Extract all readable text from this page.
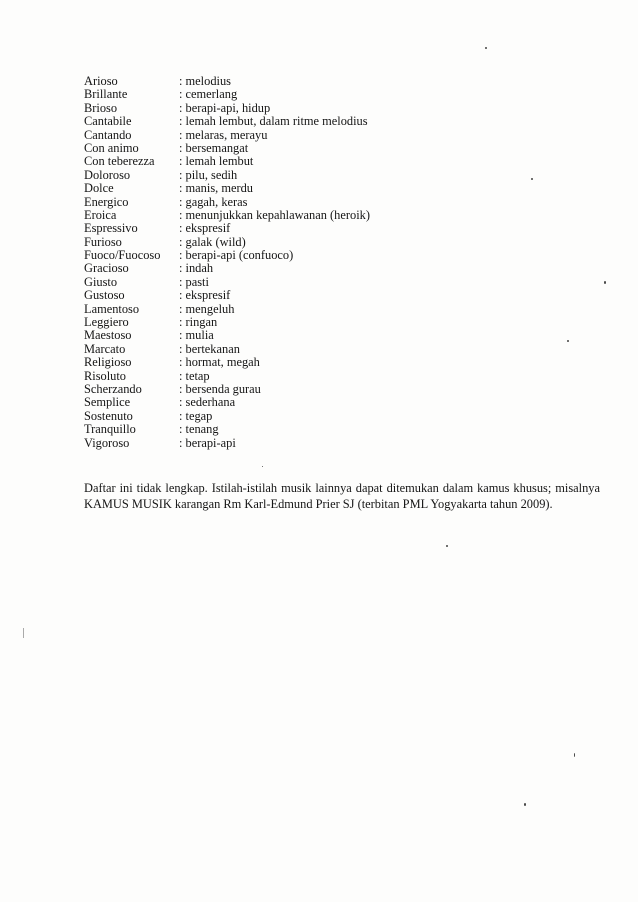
Arioso	: melodius
Brillante	: cemerlang
Brioso	: berapi-api, hidup
Cantabile	: lemah lembut, dalam ritme melodius
Cantando	: melaras, merayu
Con animo	: bersemangat
Con teberezza	: lemah lembut
Doloroso	: pilu, sedih
Dolce	: manis, merdu
Energico	: gagah, keras
Eroica	: menunjukkan kepahlawanan (heroik)
Espressivo	: ekspresif
Furioso	: galak (wild)
Fuoco/Fuocoso	: berapi-api (confuoco)
Gracioso	: indah
Giusto	: pasti
Gustoso	: ekspresif
Lamentoso	: mengeluh
Leggiero	: ringan
Maestoso	: mulia
Marcato	: bertekanan
Religioso	: hormat, megah
Risoluto	: tetap
Scherzando	: bersenda gurau
Semplice	: sederhana
Sostenuto	: tegap
Tranquillo	: tenang
Vigoroso	: berapi-api

Daftar ini tidak lengkap. Istilah-istilah musik lainnya dapat ditemukan dalam kamus khusus; misalnya KAMUS MUSIK karangan Rm Karl-Edmund Prier SJ (terbitan PML Yogyakarta tahun 2009).
